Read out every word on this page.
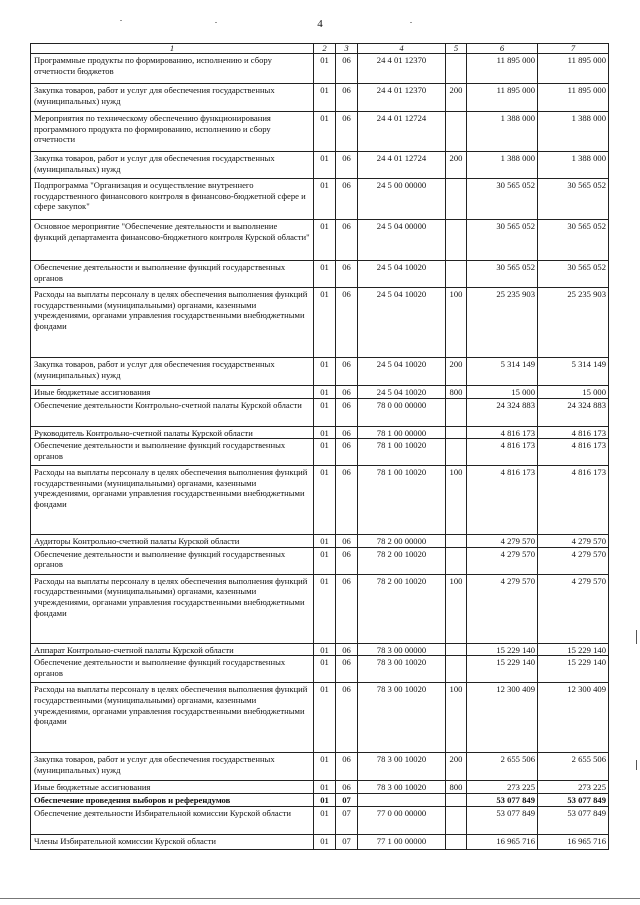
4
1	2	3	4	5	6	7
Программные продукты по формированию, исполнению и сбору отчетности бюджетов	01	06	24 4 01 12370		11 895 000	11 895 000
Закупка товаров, работ и услуг для обеспечения государственных (муниципальных) нужд	01	06	24 4 01 12370	200	11 895 000	11 895 000
Мероприятия по техническому обеспечению функционирования программного продукта по формированию, исполнению и сбору отчетности	01	06	24 4 01 12724		1 388 000	1 388 000
Закупка товаров, работ и услуг для обеспечения государственных (муниципальных) нужд	01	06	24 4 01 12724	200	1 388 000	1 388 000
Подпрограмма "Организация и осуществление внутреннего государственного финансового контроля в финансово-бюджетной сфере и сфере закупок"	01	06	24 5 00 00000		30 565 052	30 565 052
Основное мероприятие "Обеспечение деятельности и выполнение функций департамента финансово-бюджетного контроля Курской области"	01	06	24 5 04 00000		30 565 052	30 565 052
Обеспечение деятельности и выполнение функций государственных органов	01	06	24 5 04 10020		30 565 052	30 565 052
Расходы на выплаты персоналу в целях обеспечения выполнения функций государственными (муниципальными) органами, казенными учреждениями, органами управления государственными внебюджетными фондами	01	06	24 5 04 10020	100	25 235 903	25 235 903
Закупка товаров, работ и услуг для обеспечения государственных (муниципальных) нужд	01	06	24 5 04 10020	200	5 314 149	5 314 149
Иные бюджетные ассигнования	01	06	24 5 04 10020	800	15 000	15 000
Обеспечение деятельности Контрольно-счетной палаты Курской области	01	06	78 0 00 00000		24 324 883	24 324 883
Руководитель Контрольно-счетной палаты Курской области	01	06	78 1 00 00000		4 816 173	4 816 173
Обеспечение деятельности и выполнение функций государственных органов	01	06	78 1 00 10020		4 816 173	4 816 173
Расходы на выплаты персоналу в целях обеспечения выполнения функций государственными (муниципальными) органами, казенными учреждениями, органами управления государственными внебюджетными фондами	01	06	78 1 00 10020	100	4 816 173	4 816 173
Аудиторы Контрольно-счетной палаты Курской области	01	06	78 2 00 00000		4 279 570	4 279 570
Обеспечение деятельности и выполнение функций государственных органов	01	06	78 2 00 10020		4 279 570	4 279 570
Расходы на выплаты персоналу в целях обеспечения выполнения функций государственными (муниципальными) органами, казенными учреждениями, органами управления государственными внебюджетными фондами	01	06	78 2 00 10020	100	4 279 570	4 279 570
Аппарат Контрольно-счетной палаты Курской области	01	06	78 3 00 00000		15 229 140	15 229 140
Обеспечение деятельности и выполнение функций государственных органов	01	06	78 3 00 10020		15 229 140	15 229 140
Расходы на выплаты персоналу в целях обеспечения выполнения функций государственными (муниципальными) органами, казенными учреждениями, органами управления государственными внебюджетными фондами	01	06	78 3 00 10020	100	12 300 409	12 300 409
Закупка товаров, работ и услуг для обеспечения государственных (муниципальных) нужд	01	06	78 3 00 10020	200	2 655 506	2 655 506
Иные бюджетные ассигнования	01	06	78 3 00 10020	800	273 225	273 225
Обеспечение проведения выборов и референдумов	01	07			53 077 849	53 077 849
Обеспечение деятельности Избирательной комиссии Курской области	01	07	77 0 00 00000		53 077 849	53 077 849
Члены Избирательной комиссии Курской области	01	07	77 1 00 00000		16 965 716	16 965 716
